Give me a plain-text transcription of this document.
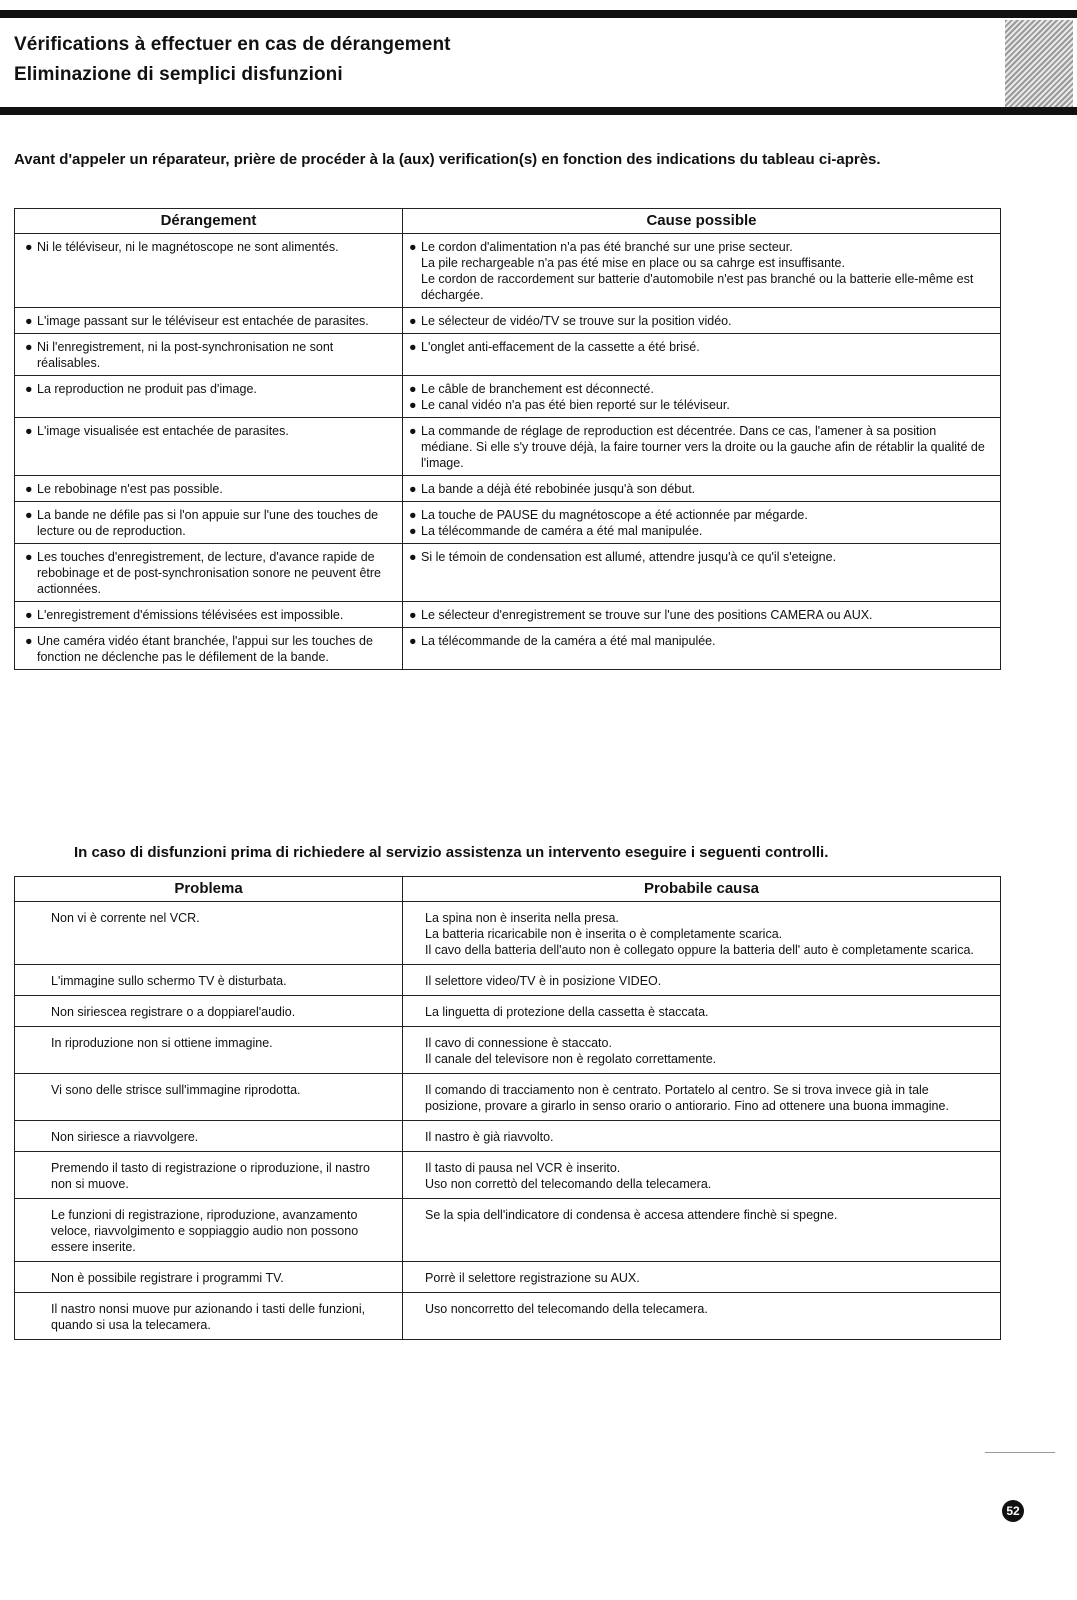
Vérifications à effectuer en cas de dérangement
Eliminazione di semplici disfunzioni

Avant d'appeler un réparateur, prière de procéder à la (aux) verification(s) en fonction des indications du tableau ci-après.

Dérangement	Cause possible

● Ni le téléviseur, ni le magnétoscope ne sont alimentés.	● Le cordon d'alimentation n'a pas été branché sur une prise secteur.
La pile rechargeable n'a pas été mise en place ou sa cahrge est insuffisante.
Le cordon de raccordement sur batterie d'automobile n'est pas branché ou la batterie elle-même est déchargée.

● L'image passant sur le téléviseur est entachée de parasites.	● Le sélecteur de vidéo/TV se trouve sur la position vidéo.

● Ni l'enregistrement, ni la post-synchronisation ne sont réalisables.	● L'onglet anti-effacement de la cassette a été brisé.

● La reproduction ne produit pas d'image.	● Le câble de branchement est déconnecté.
● Le canal vidéo n'a pas été bien reporté sur le téléviseur.

● L'image visualisée est entachée de parasites.	● La commande de réglage de reproduction est décentrée. Dans ce cas, l'amener à sa position médiane. Si elle s'y trouve déjà, la faire tourner vers la droite ou la gauche afin de rétablir la qualité de l'image.

● Le rebobinage n'est pas possible.	● La bande a déjà été rebobinée jusqu'à son début.

● La bande ne défile pas si l'on appuie sur l'une des touches de lecture ou de reproduction.	● La touche de PAUSE du magnétoscope a été actionnée par mégarde.
● La télécommande de caméra a été mal manipulée.

● Les touches d'enregistrement, de lecture, d'avance rapide de rebobinage et de post-synchronisation sonore ne peuvent être actionnées.	● Si le témoin de condensation est allumé, attendre jusqu'à ce qu'il s'eteigne.

● L'enregistrement d'émissions télévisées est impossible.	● Le sélecteur d'enregistrement se trouve sur l'une des positions CAMERA ou AUX.

● Une caméra vidéo étant branchée, l'appui sur les touches de fonction ne déclenche pas le défilement de la bande.	● La télécommande de la caméra a été mal manipulée.

In caso di disfunzioni prima di richiedere al servizio assistenza un intervento eseguire i seguenti controlli.

Problema	Probabile causa
Non vi è corrente nel VCR.	La spina non è inserita nella presa.
La batteria ricaricabile non è inserita o è completamente scarica.
Il cavo della batteria dell'auto non è collegato oppure la batteria dell' auto è completamente scarica.

L'immagine sullo schermo TV è disturbata.	Il selettore video/TV è in posizione VIDEO.

Non siriescea registrare o a doppiarel'audio.	La linguetta di protezione della cassetta è staccata.

In riproduzione non si ottiene immagine.	Il cavo di connessione è staccato.
Il canale del televisore non è regolato correttamente.

Vi sono delle strisce sull'immagine riprodotta.	Il comando di tracciamento non è centrato. Portatelo al centro. Se si trova invece già in tale posizione, provare a girarlo in senso orario o antiorario. Fino ad ottenere una buona immagine.

Non siriesce a riavvolgere.	Il nastro è già riavvolto.

Premendo il tasto di registrazione o riproduzione, il nastro non si muove.	Il tasto di pausa nel VCR è inserito.
Uso non correttò del telecomando della telecamera.

Le funzioni di registrazione, riproduzione, avanzamento veloce, riavvolgimento e soppiaggio audio non possono essere inserite.	Se la spia dell'indicatore di condensa è accesa attendere finchè si spegne.

Non è possibile registrare i programmi TV.	Porrè il selettore registrazione su AUX.

Il nastro nonsi muove pur azionando i tasti delle funzioni, quando si usa la telecamera.	Uso noncorretto del telecomando della telecamera.
52
